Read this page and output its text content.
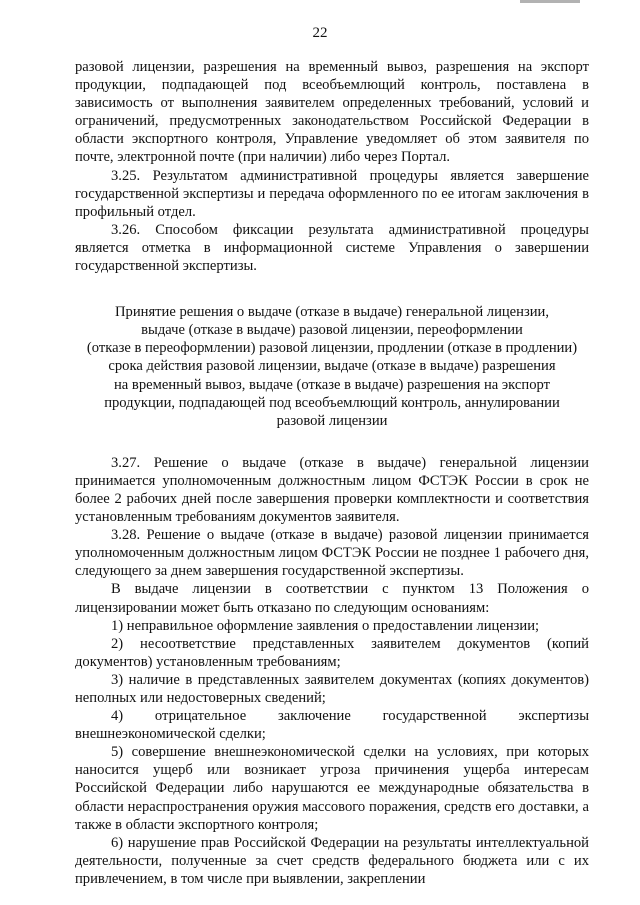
22

разовой лицензии, разрешения на временный вывоз, разрешения на экспорт продукции, подпадающей под всеобъемлющий контроль, поставлена в зависимость от выполнения заявителем определенных требований, условий и ограничений, предусмотренных законодательством Российской Федерации в области экспортного контроля, Управление уведомляет об этом заявителя по почте, электронной почте (при наличии) либо через Портал.

3.25. Результатом административной процедуры является завершение государственной экспертизы и передача оформленного по ее итогам заключения в профильный отдел.

3.26. Способом фиксации результата административной процедуры является отметка в информационной системе Управления о завершении государственной экспертизы.

Принятие решения о выдаче (отказе в выдаче) генеральной лицензии,
выдаче (отказе в выдаче) разовой лицензии, переоформлении
(отказе в переоформлении) разовой лицензии, продлении (отказе в продлении)
срока действия разовой лицензии, выдаче (отказе в выдаче) разрешения
на временный вывоз, выдаче (отказе в выдаче) разрешения на экспорт
продукции, подпадающей под всеобъемлющий контроль, аннулировании
разовой лицензии

3.27. Решение о выдаче (отказе в выдаче) генеральной лицензии принимается уполномоченным должностным лицом ФСТЭК России в срок не более 2 рабочих дней после завершения проверки комплектности и соответствия установленным требованиям документов заявителя.

3.28. Решение о выдаче (отказе в выдаче) разовой лицензии принимается уполномоченным должностным лицом ФСТЭК России не позднее 1 рабочего дня, следующего за днем завершения государственной экспертизы.

В выдаче лицензии в соответствии с пунктом 13 Положения о лицензировании может быть отказано по следующим основаниям:

1) неправильное оформление заявления о предоставлении лицензии;

2) несоответствие представленных заявителем документов (копий документов) установленным требованиям;

3) наличие в представленных заявителем документах (копиях документов) неполных или недостоверных сведений;

4) отрицательное заключение государственной экспертизы внешнеэкономической сделки;

5) совершение внешнеэкономической сделки на условиях, при которых наносится ущерб или возникает угроза причинения ущерба интересам Российской Федерации либо нарушаются ее международные обязательства в области нераспространения оружия массового поражения, средств его доставки, а также в области экспортного контроля;

6) нарушение прав Российской Федерации на результаты интеллектуальной деятельности, полученные за счет средств федерального бюджета или с их привлечением, в том числе при выявлении, закреплении
